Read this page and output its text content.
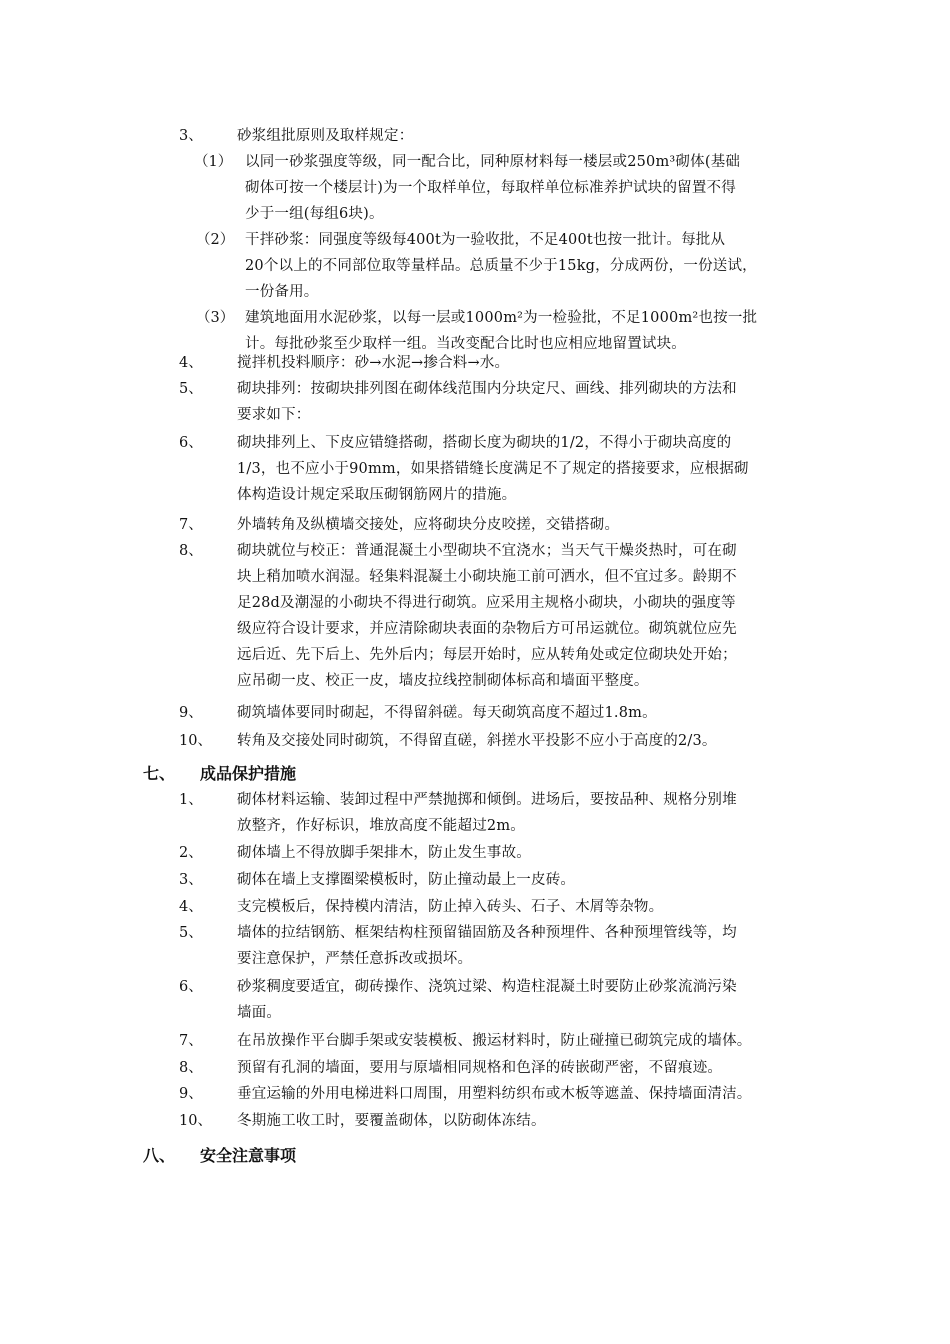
3、 砂浆组批原则及取样规定：
（1） 以同一砂浆强度等级，同一配合比，同种原材料每一楼层或250m³砌体(基础
砌体可按一个楼层计)为一个取样单位，每取样单位标准养护试块的留置不得
少于一组(每组6块)。
（2） 干拌砂浆：同强度等级每400t为一验收批，不足400t也按一批计。每批从
20个以上的不同部位取等量样品。总质量不少于15kg，分成两份，一份送试，
一份备用。
（3） 建筑地面用水泥砂浆，以每一层或1000m²为一检验批，不足1000m²也按一批
计。每批砂浆至少取样一组。当改变配合比时也应相应地留置试块。
4、 搅拌机投料顺序：砂→水泥→掺合料→水。
5、 砌块排列：按砌块排列图在砌体线范围内分块定尺、画线、排列砌块的方法和
要求如下：
6、 砌块排列上、下皮应错缝搭砌，搭砌长度为砌块的1/2，不得小于砌块高度的
1/3，也不应小于90mm，如果搭错缝长度满足不了规定的搭接要求，应根据砌
体构造设计规定采取压砌钢筋网片的措施。
7、 外墙转角及纵横墙交接处，应将砌块分皮咬搓，交错搭砌。
8、 砌块就位与校正：普通混凝土小型砌块不宜浇水；当天气干燥炎热时，可在砌
块上稍加喷水润湿。轻集料混凝土小砌块施工前可洒水，但不宜过多。龄期不
足28d及潮湿的小砌块不得进行砌筑。应采用主规格小砌块，小砌块的强度等
级应符合设计要求，并应清除砌块表面的杂物后方可吊运就位。砌筑就位应先
远后近、先下后上、先外后内；每层开始时，应从转角处或定位砌块处开始；
应吊砌一皮、校正一皮，墙皮拉线控制砌体标高和墙面平整度。
9、 砌筑墙体要同时砌起，不得留斜磋。每天砌筑高度不超过1.8m。
10、 转角及交接处同时砌筑，不得留直磋，斜搓水平投影不应小于高度的2/3。
七、 成品保护措施
1、 砌体材料运输、装卸过程中严禁抛掷和倾倒。进场后，要按品种、规格分别堆
放整齐，作好标识，堆放高度不能超过2m。
2、 砌体墙上不得放脚手架排木，防止发生事故。
3、 砌体在墙上支撑圈梁模板时，防止撞动最上一皮砖。
4、 支完模板后，保持模内清洁，防止掉入砖头、石子、木屑等杂物。
5、 墙体的拉结钢筋、框架结构柱预留锚固筋及各种预埋件、各种预埋管线等，均
要注意保护，严禁任意拆改或损坏。
6、 砂浆稠度要适宜，砌砖操作、浇筑过梁、构造柱混凝土时要防止砂浆流淌污染
墙面。
7、 在吊放操作平台脚手架或安装模板、搬运材料时，防止碰撞已砌筑完成的墙体。
8、 预留有孔洞的墙面，要用与原墙相同规格和色泽的砖嵌砌严密，不留痕迹。
9、 垂宜运输的外用电梯进料口周围，用塑料纺织布或木板等遮盖、保持墙面清洁。
10、 冬期施工收工时，要覆盖砌体，以防砌体冻结。
八、 安全注意事项
